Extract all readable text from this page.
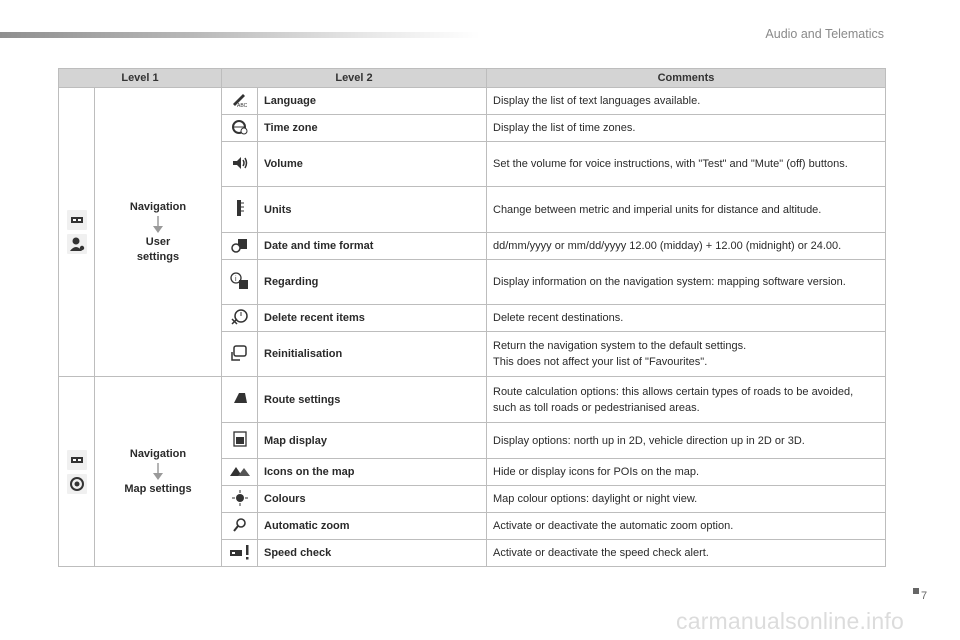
Audio and Telematics
Level 1		Level 2		Comments

Navigation
User
settings	ABC	Language	Display the list of text languages available.
	Time zone	Display the list of time zones.
	Volume	Set the volume for voice instructions, with "Test" and "Mute" (off) buttons.
	Units	Change between metric and imperial units for distance and altitude.
	Date and time format	dd/mm/yyyy or mm/dd/yyyy 12.00 (midday) + 12.00 (midnight) or 24.00.

i	Regarding	Display information on the navigation system: mapping software version.
	Delete recent items	Delete recent destinations.
	Reinitialisation	Return the navigation system to the default settings.
This does not affect your list of "Favourites".

Navigation
Map settings		Route settings	Route calculation options: this allows certain types of roads to be avoided, such as toll roads or pedestrianised areas.
	Map display	Display options: north up in 2D, vehicle direction up in 2D or 3D.
	Icons on the map	Hide or display icons for POIs on the map.
	Colours	Map colour options: daylight or night view.
	Automatic zoom	Activate or deactivate the automatic zoom option.
	Speed check	Activate or deactivate the speed check alert.
7
carmanualsonline.info
